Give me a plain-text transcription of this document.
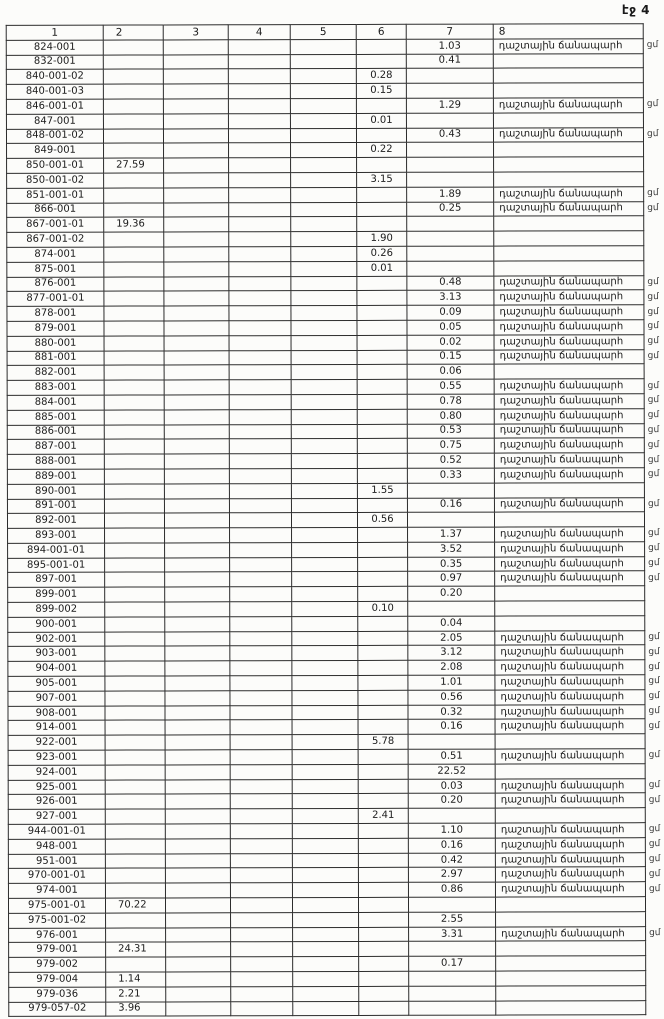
էջ 4
1	2	3	4	5	6	7	8	
824-001						1.03	դաշտային ճանապարհ	ցմ
832-001						0.41		
840-001-02					0.28			
840-001-03					0.15			
846-001-01						1.29	դաշտային ճանապարհ	ցմ
847-001					0.01			
848-001-02						0.43	դաշտային ճանապարհ	ցմ
849-001					0.22			
850-001-01	27.59							
850-001-02					3.15			
851-001-01						1.89	դաշտային ճանապարհ	ցմ
866-001						0.25	դաշտային ճանապարհ	ցմ
867-001-01	19.36							
867-001-02					1.90			
874-001					0.26			
875-001					0.01			
876-001						0.48	դաշտային ճանապարհ	ցմ
877-001-01						3.13	դաշտային ճանապարհ	ցմ
878-001						0.09	դաշտային ճանապարհ	ցմ
879-001						0.05	դաշտային ճանապարհ	ցմ
880-001						0.02	դաշտային ճանապարհ	ցմ
881-001						0.15	դաշտային ճանապարհ	ցմ
882-001						0.06		
883-001						0.55	դաշտային ճանապարհ	ցմ
884-001						0.78	դաշտային ճանապարհ	ցմ
885-001						0.80	դաշտային ճանապարհ	ցմ
886-001						0.53	դաշտային ճանապարհ	ցմ
887-001						0.75	դաշտային ճանապարհ	ցմ
888-001						0.52	դաշտային ճանապարհ	ցմ
889-001						0.33	դաշտային ճանապարհ	ցմ
890-001					1.55			
891-001						0.16	դաշտային ճանապարհ	ցմ
892-001					0.56			
893-001						1.37	դաշտային ճանապարհ	ցմ
894-001-01						3.52	դաշտային ճանապարհ	ցմ
895-001-01						0.35	դաշտային ճանապարհ	ցմ
897-001						0.97	դաշտային ճանապարհ	ցմ
899-001						0.20		
899-002					0.10			
900-001						0.04		
902-001						2.05	դաշտային ճանապարհ	ցմ
903-001						3.12	դաշտային ճանապարհ	ցմ
904-001						2.08	դաշտային ճանապարհ	ցմ
905-001						1.01	դաշտային ճանապարհ	ցմ
907-001						0.56	դաշտային ճանապարհ	ցմ
908-001						0.32	դաշտային ճանապարհ	ցմ
914-001						0.16	դաշտային ճանապարհ	ցմ
922-001					5.78			
923-001						0.51	դաշտային ճանապարհ	ցմ
924-001						22.52		
925-001						0.03	դաշտային ճանապարհ	ցմ
926-001						0.20	դաշտային ճանապարհ	ցմ
927-001					2.41			
944-001-01						1.10	դաշտային ճանապարհ	ցմ
948-001						0.16	դաշտային ճանապարհ	ցմ
951-001						0.42	դաշտային ճանապարհ	ցմ
970-001-01						2.97	դաշտային ճանապարհ	ցմ
974-001						0.86	դաշտային ճանապարհ	ցմ
975-001-01	70.22							
975-001-02						2.55		
976-001						3.31	դաշտային ճանապարհ	ցմ
979-001	24.31							
979-002						0.17		
979-004	1.14							
979-036	2.21							
979-057-02	3.96							
